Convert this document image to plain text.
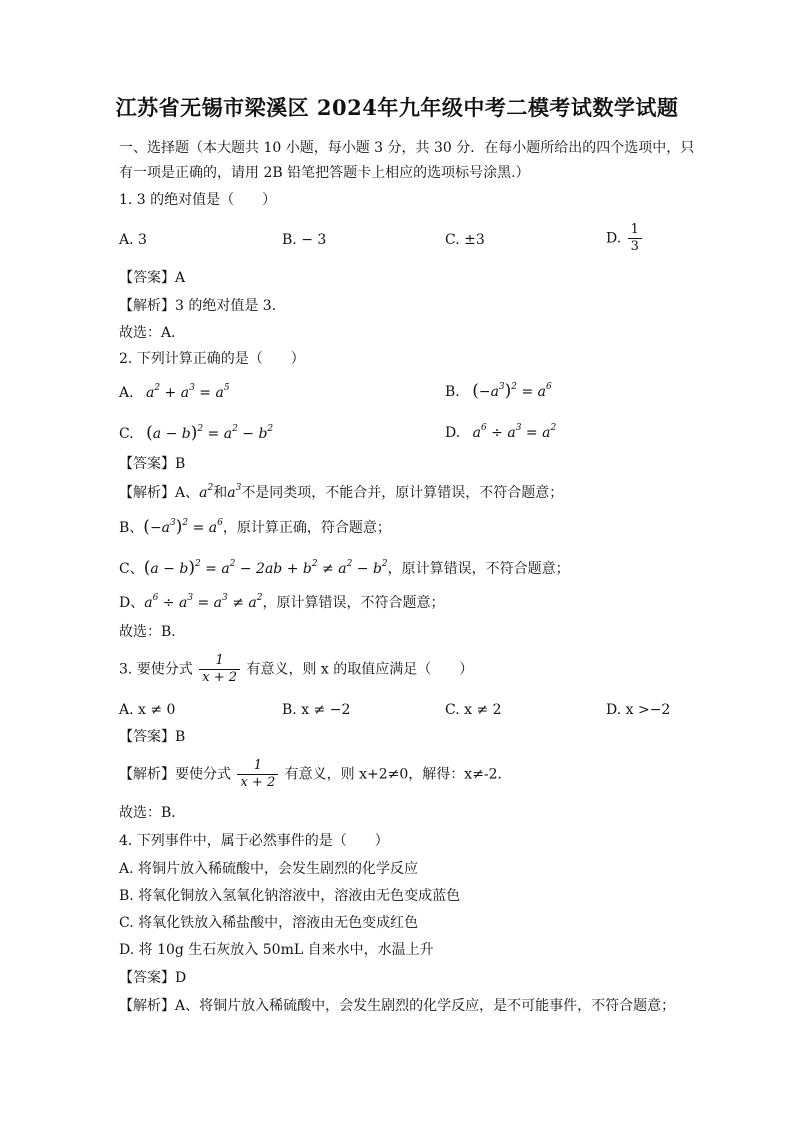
江苏省无锡市梁溪区 2024年九年级中考二模考试数学试题
一、选择题（本大题共 10 小题，每小题 3 分，共 30 分．在每小题所给出的四个选项中，只
有一项是正确的，请用 2B 铅笔把答题卡上相应的选项标号涂黑.）
1. 3 的绝对值是（　　）
A. 3	B. − 3	C. ±3	D. $\frac{1}{3}$
【答案】A
【解析】3 的绝对值是 3．
故选：A．
2. 下列计算正确的是（　　）
A. $a^2 + a^3 = a^5$	B. $(-a^3)^2 = a^6$
C. $(a - b)^2 = a^2 - b^2$	D. $a^6 \div a^3 = a^2$
【答案】B
【解析】A、$a^2$和$a^3$不是同类项，不能合并，原计算错误，不符合题意；
B、$(-a^3)^2 = a^6$，原计算正确，符合题意；
C、$(a - b)^2 = a^2 - 2ab + b^2 \ne a^2 - b^2$，原计算错误，不符合题意；
D、$a^6 \div a^3 = a^3 \ne a^2$，原计算错误，不符合题意；
故选：B．
3. 要使分式 $\frac{1}{x + 2}$ 有意义，则 x 的取值应满足（　　）
A. x ≠ 0	B. x ≠ −2	C. x ≠ 2	D. x >−2
【答案】B
【解析】要使分式 $\frac{1}{x + 2}$ 有意义，则 x+2≠0，解得：x≠-2．
故选：B．
4. 下列事件中，属于必然事件的是（　　）
A. 将铜片放入稀硫酸中，会发生剧烈的化学反应
B. 将氧化铜放入氢氧化钠溶液中，溶液由无色变成蓝色
C. 将氧化铁放入稀盐酸中，溶液由无色变成红色
D. 将 10g 生石灰放入 50mL 自来水中，水温上升
【答案】D
【解析】A、将铜片放入稀硫酸中，会发生剧烈的化学反应，是不可能事件，不符合题意；
